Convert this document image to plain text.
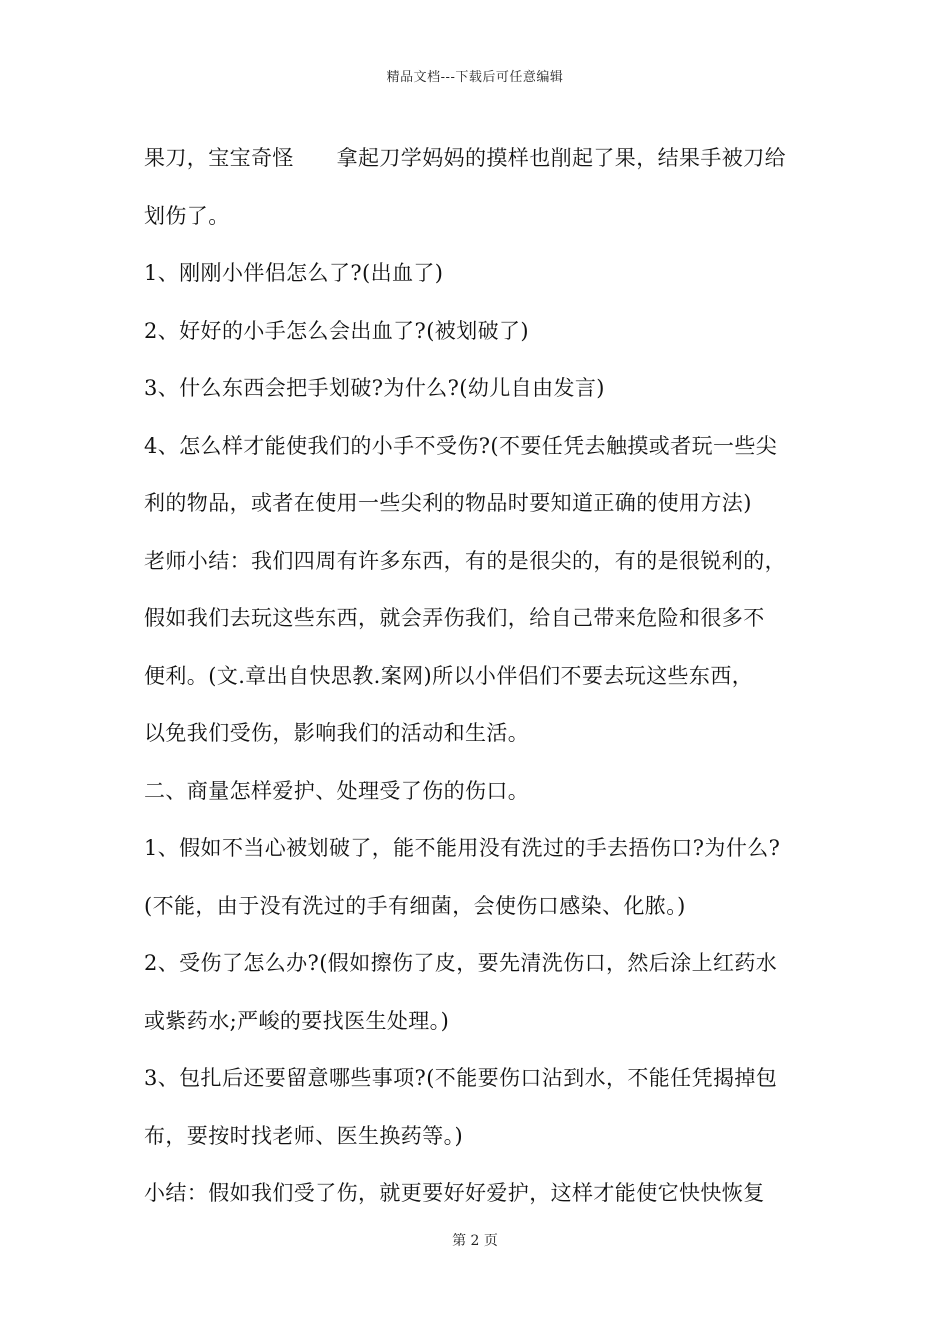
精品文档---下载后可任意编辑
果刀，宝宝奇怪　　拿起刀学妈妈的摸样也削起了果，结果手被刀给
划伤了。
1、刚刚小伴侣怎么了?(出血了)
2、好好的小手怎么会出血了?(被划破了)
3、什么东西会把手划破?为什么?(幼儿自由发言)
4、怎么样才能使我们的小手不受伤?(不要任凭去触摸或者玩一些尖
利的物品，或者在使用一些尖利的物品时要知道正确的使用方法)
老师小结：我们四周有许多东西，有的是很尖的，有的是很锐利的，
假如我们去玩这些东西，就会弄伤我们，给自己带来危险和很多不
便利。(文.章出自快思教.案网)所以小伴侣们不要去玩这些东西，
以免我们受伤，影响我们的活动和生活。
二、商量怎样爱护、处理受了伤的伤口。
1、假如不当心被划破了，能不能用没有洗过的手去捂伤口?为什么?
(不能，由于没有洗过的手有细菌，会使伤口感染、化脓。)
2、受伤了怎么办?(假如擦伤了皮，要先清洗伤口，然后涂上红药水
或紫药水;严峻的要找医生处理。)
3、包扎后还要留意哪些事项?(不能要伤口沾到水，不能任凭揭掉包
布，要按时找老师、医生换药等。)
小结：假如我们受了伤，就更要好好爱护，这样才能使它快快恢复
第 2 页
